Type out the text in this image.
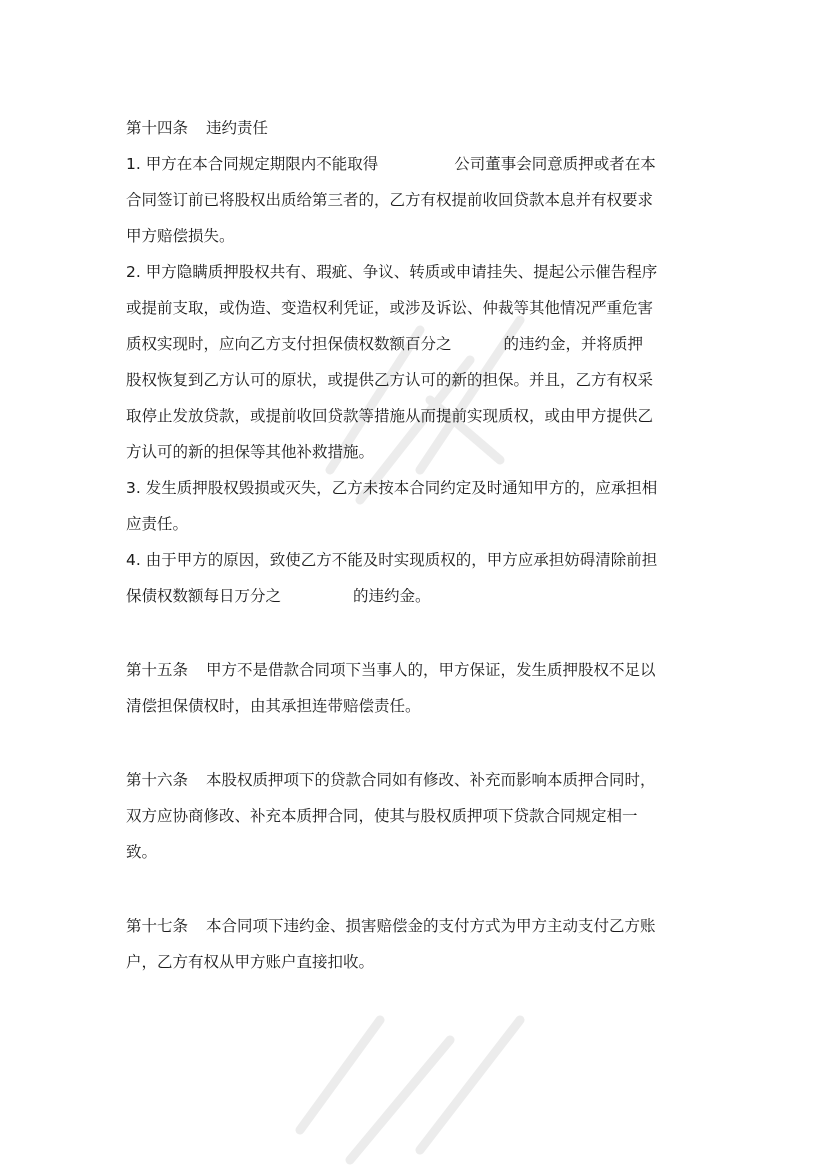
第十四条 违约责任
1. 甲方在本合同规定期限内不能取得	公司董事会同意质押或者在本
合同签订前已将股权出质给第三者的，乙方有权提前收回贷款本息并有权要求
甲方赔偿损失。
2. 甲方隐瞒质押股权共有、瑕疵、争议、转质或申请挂失、提起公示催告程序
或提前支取，或伪造、变造权利凭证，或涉及诉讼、仲裁等其他情况严重危害
质权实现时，应向乙方支付担保债权数额百分之	的违约金，并将质押
股权恢复到乙方认可的原状，或提供乙方认可的新的担保。并且，乙方有权采
取停止发放贷款，或提前收回贷款等措施从而提前实现质权，或由甲方提供乙
方认可的新的担保等其他补救措施。
3. 发生质押股权毁损或灭失，乙方未按本合同约定及时通知甲方的，应承担相
应责任。
4. 由于甲方的原因，致使乙方不能及时实现质权的，甲方应承担妨碍清除前担
保债权数额每日万分之	的违约金。
第十五条 甲方不是借款合同项下当事人的，甲方保证，发生质押股权不足以
清偿担保债权时，由其承担连带赔偿责任。
第十六条 本股权质押项下的贷款合同如有修改、补充而影响本质押合同时，
双方应协商修改、补充本质押合同，使其与股权质押项下贷款合同规定相一
致。
第十七条 本合同项下违约金、损害赔偿金的支付方式为甲方主动支付乙方账
户，乙方有权从甲方账户直接扣收。
